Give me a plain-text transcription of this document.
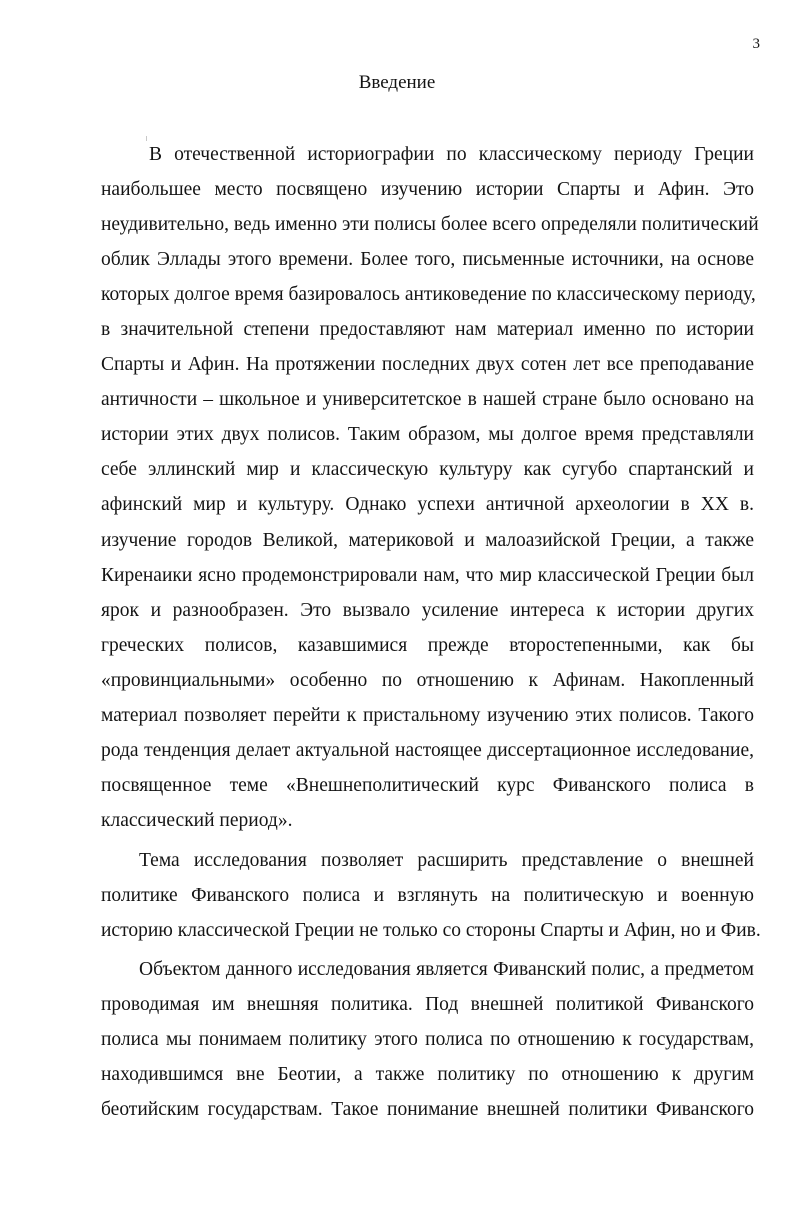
3
Введение
В отечественной историографии по классическому периоду Греции
наибольшее место посвящено изучению истории Спарты и Афин. Это
неудивительно, ведь именно эти полисы более всего определяли политический
облик Эллады этого времени. Более того, письменные источники, на основе
которых долгое время базировалось антиковедение по классическому периоду,
в значительной степени предоставляют нам материал именно по истории
Спарты и Афин. На протяжении последних двух сотен лет все преподавание
античности – школьное и университетское в нашей стране было основано на
истории этих двух полисов. Таким образом, мы долгое время представляли
себе эллинский мир и классическую культуру как сугубо спартанский и
афинский мир и культуру. Однако успехи античной археологии в XX в.
изучение городов Великой, материковой и малоазийской Греции, а также
Киренаики ясно продемонстрировали нам, что мир классической Греции был
ярок и разнообразен. Это вызвало усиление интереса к истории других
греческих полисов, казавшимися прежде второстепенными, как бы
«провинциальными» особенно по отношению к Афинам. Накопленный
материал позволяет перейти к пристальному изучению этих полисов. Такого
рода тенденция делает актуальной настоящее диссертационное исследование,
посвященное теме «Внешнеполитический курс Фиванского полиса в
классический период».
Тема исследования позволяет расширить представление о внешней
политике Фиванского полиса и взглянуть на политическую и военную
историю классической Греции не только со стороны Спарты и Афин, но и Фив.
Объектом данного исследования является Фиванский полис, а предметом
проводимая им внешняя политика. Под внешней политикой Фиванского
полиса мы понимаем политику этого полиса по отношению к государствам,
находившимся вне Беотии, а также политику по отношению к другим
беотийским государствам. Такое понимание внешней политики Фиванского
